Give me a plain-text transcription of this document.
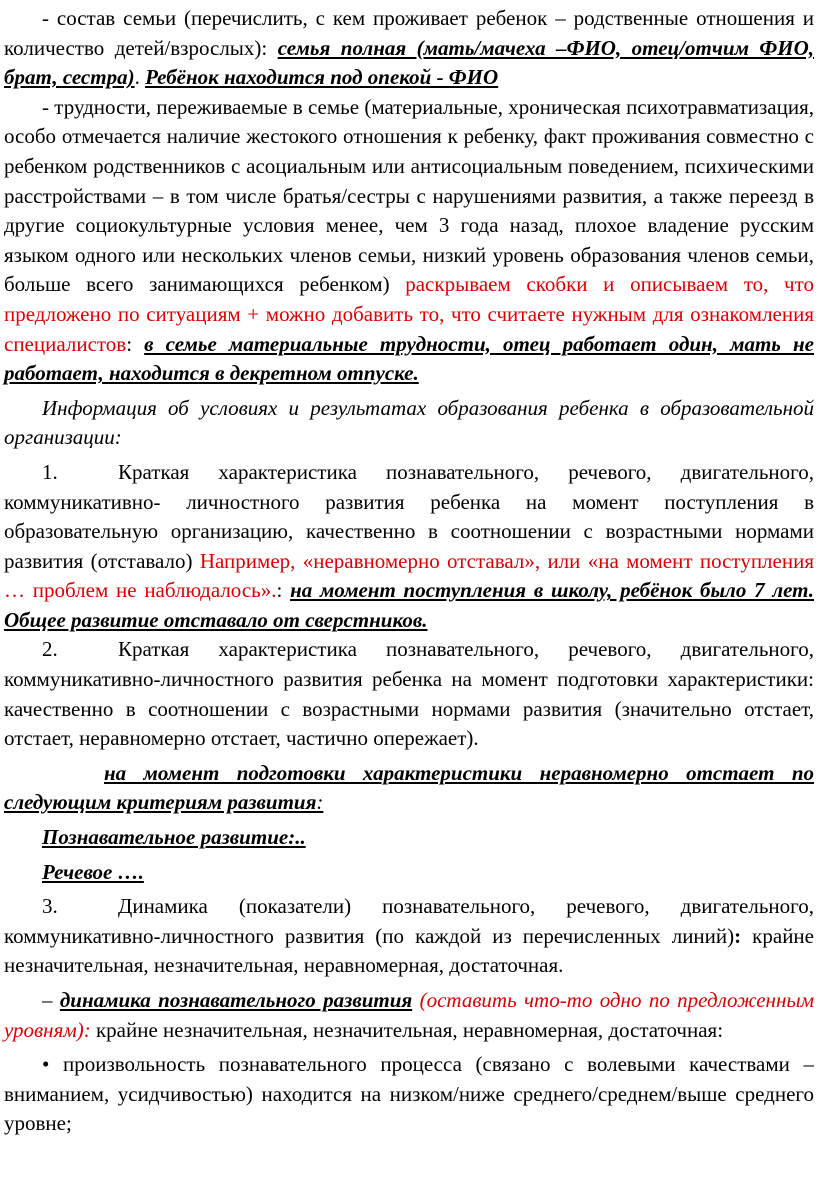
- состав семьи (перечислить, с кем проживает ребенок – родственные отношения и количество детей/взрослых): семья полная (мать/мачеха –ФИО, отец/отчим ФИО, брат, сестра). Ребёнок находится под опекой - ФИО

- трудности, переживаемые в семье (материальные, хроническая психотравматизация, особо отмечается наличие жестокого отношения к ребенку, факт проживания совместно с ребенком родственников с асоциальным или антисоциальным поведением, психическими расстройствами – в том числе братья/сестры с нарушениями развития, а также переезд в другие социокультурные условия менее, чем 3 года назад, плохое владение русским языком одного или нескольких членов семьи, низкий уровень образования членов семьи, больше всего занимающихся ребенком) раскрываем скобки и описываем то, что предложено по ситуациям + можно добавить то, что считаете нужным для ознакомления специалистов: в семье материальные трудности, отец работает один, мать не работает, находится в декретном отпуске.

Информация об условиях и результатах образования ребенка в образовательной организации:

1.	Краткая характеристика познавательного, речевого, двигательного, коммуникативно- личностного развития ребенка на момент поступления в образовательную организацию, качественно в соотношении с возрастными нормами развития (отставало) Например, «неравномерно отставал», или «на момент поступления … проблем не наблюдалось».: на момент поступления в школу, ребёнок было 7 лет. Общее развитие отставало от сверстников.

2.	Краткая характеристика познавательного, речевого, двигательного, коммуникативно-личностного развития ребенка на момент подготовки характеристики: качественно в соотношении с возрастными нормами развития (значительно отстает, отстает, неравномерно отстает, частично опережает).

на момент подготовки характеристики неравномерно отстает по следующим критериям развития:

Познавательное развитие:..

Речевое ….

3.	Динамика (показатели) познавательного, речевого, двигательного, коммуникативно-личностного развития (по каждой из перечисленных линий): крайне незначительная, незначительная, неравномерная, достаточная.

– динамика познавательного развития (оставить что-то одно по предложенным уровням): крайне незначительная, незначительная, неравномерная, достаточная:

• произвольность познавательного процесса (связано с волевыми качествами – вниманием, усидчивостью) находится на низком/ниже среднего/среднем/выше среднего уровне;
